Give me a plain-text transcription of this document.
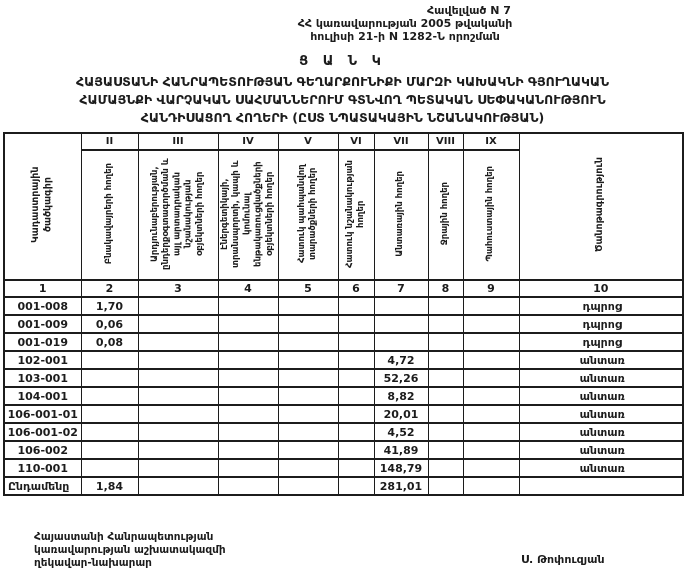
Հավելված N 7
ՀՀ կառավարության 2005 թվականի
հուլիսի 21-ի N 1282-Ն որոշման
Ց Ա Ն Կ
ՀԱՅԱՍՏԱՆԻ ՀԱՆՐԱՊԵՏՈՒԹՅԱՆ ԳԵՂԱՐՔՈՒՆԻՔԻ ՄԱՐԶԻ ԿԱԽԱԿՆԻ ԳՅՈՒՂԱԿԱՆ
ՀԱՄԱՅՆՔԻ ՎԱՐՉԱԿԱՆ ՍԱՀՄԱՆՆԵՐՈՒՄ ԳՏՆՎՈՂ ՊԵՏԱԿԱՆ ՍԵՓԱԿԱՆՈՒԹՅՈՒՆ
ՀԱՆԴԻՍԱՑՈՂ ՀՈՂԵՐԻ (ԸՍՏ ՆՊԱՏԱԿԱՅԻՆ ՆՇԱՆԱԿՈՒԹՅԱՆ)
Կադաստրային ծածկագիր	II	III	IV	V	VI	VII	VIII	IX	Ծանոթագրություն
	Բնակավայրերի հողեր	Արդյունաբերության, ընդերքօգտագործման և այլ արտադրական նշանակության օբյեկտների հողեր	Էներգետիկայի, տրանսպորտի, կապի և կոմունալ ենթակառուցվածքների օբյեկտների հողեր	Հատուկ պահպանվող տարածքների հողեր	Հատուկ նշանակության հողեր	Անտառային հողեր	Ջրային հողեր	Պահուստային հողեր	
1	2	3	4	5	6	7	8	9	10
001-008	1,70								դպրոց
001-009	0,06								դպրոց
001-019	0,08								դպրոց
102-001						4,72			անտառ
103-001						52,26			անտառ
104-001						8,82			անտառ
106-001-01						20,01			անտառ
106-001-02						4,52			անտառ
106-002						41,89			անտառ
110-001						148,79			անտառ
Ընդամենը	1,84					281,01			
Հայաստանի Հանրապետության
կառավարության աշխատակազմի
ղեկավար-նախարար	Ս. Թոփուզյան
